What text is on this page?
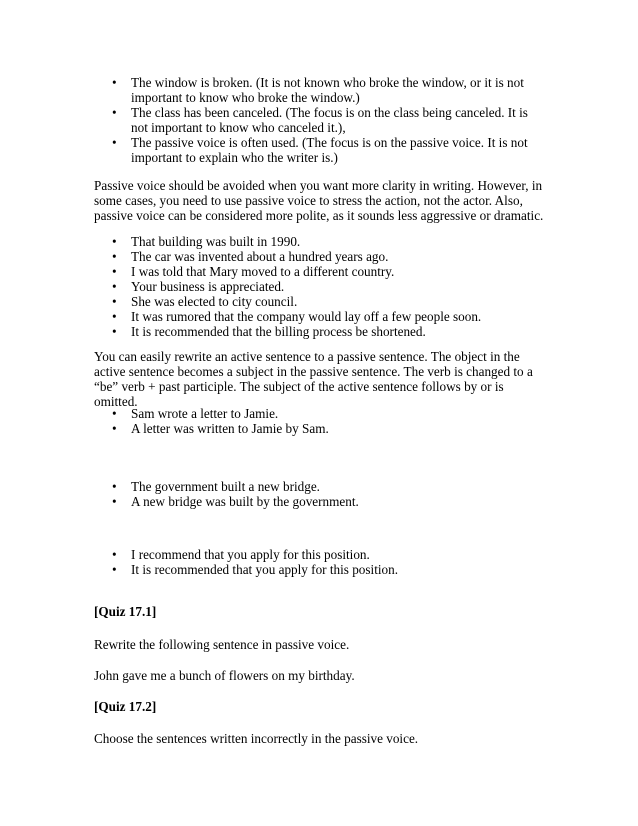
• The window is broken. (It is not known who broke the window, or it is not important to know who broke the window.)
• The class has been canceled. (The focus is on the class being canceled. It is not important to know who canceled it.),
• The passive voice is often used. (The focus is on the passive voice. It is not important to explain who the writer is.)

Passive voice should be avoided when you want more clarity in writing. However, in some cases, you need to use passive voice to stress the action, not the actor. Also, passive voice can be considered more polite, as it sounds less aggressive or dramatic.

• That building was built in 1990.
• The car was invented about a hundred years ago.
• I was told that Mary moved to a different country.
• Your business is appreciated.
• She was elected to city council.
• It was rumored that the company would lay off a few people soon.
• It is recommended that the billing process be shortened.

You can easily rewrite an active sentence to a passive sentence. The object in the active sentence becomes a subject in the passive sentence. The verb is changed to a “be” verb + past participle. The subject of the active sentence follows by or is omitted.

• Sam wrote a letter to Jamie.
• A letter was written to Jamie by Sam.
• The government built a new bridge.
• A new bridge was built by the government.
• I recommend that you apply for this position.
• It is recommended that you apply for this position.

[Quiz 17.1]

Rewrite the following sentence in passive voice.

John gave me a bunch of flowers on my birthday.

[Quiz 17.2]

Choose the sentences written incorrectly in the passive voice.
